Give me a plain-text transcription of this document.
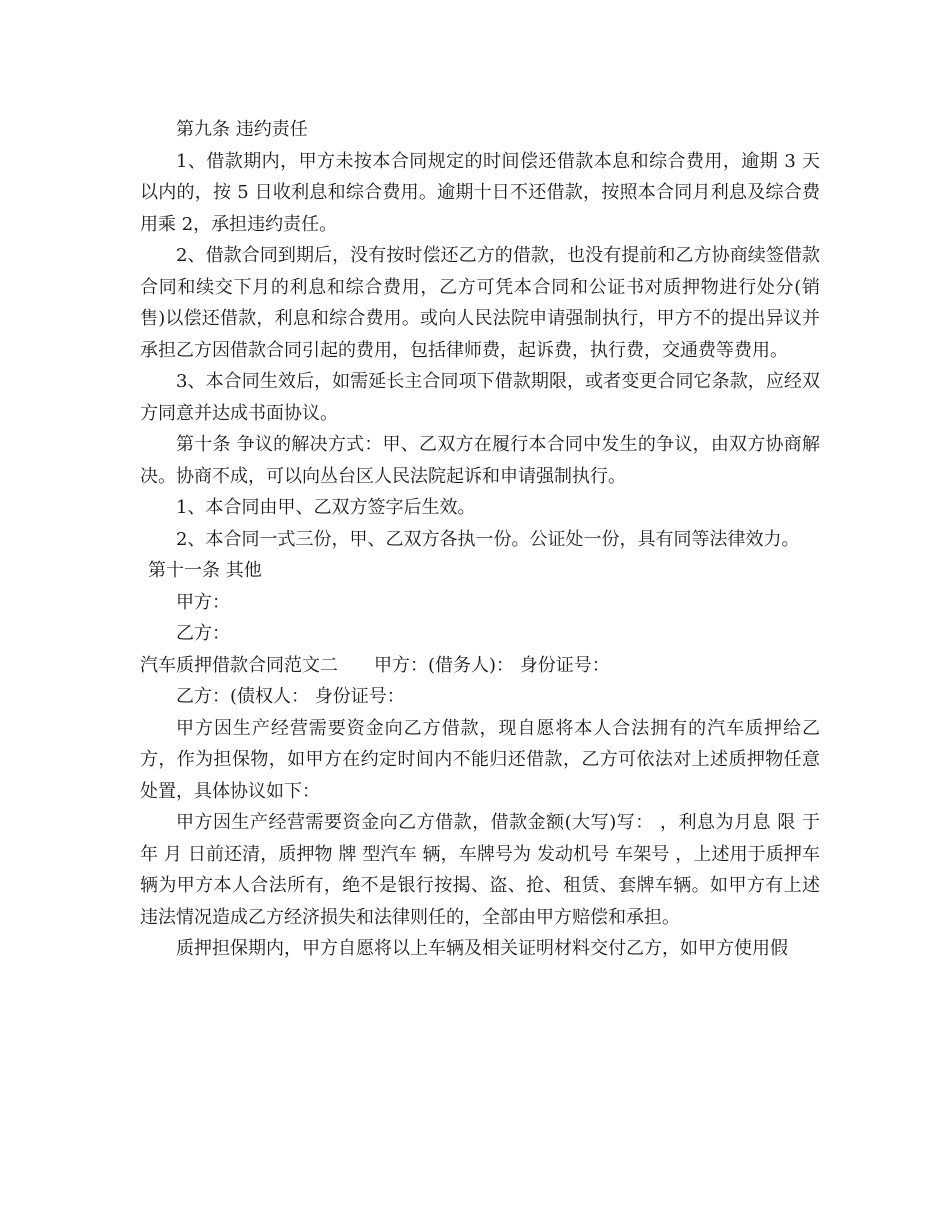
第九条 违约责任

1、借款期内，甲方未按本合同规定的时间偿还借款本息和综合费用，逾期 3 天以内的，按 5 日收利息和综合费用。逾期十日不还借款，按照本合同月利息及综合费用乘 2，承担违约责任。

2、借款合同到期后，没有按时偿还乙方的借款，也没有提前和乙方协商续签借款合同和续交下月的利息和综合费用，乙方可凭本合同和公证书对质押物进行处分(销售)以偿还借款，利息和综合费用。或向人民法院申请强制执行，甲方不的提出异议并承担乙方因借款合同引起的费用，包括律师费，起诉费，执行费，交通费等费用。

3、本合同生效后，如需延长主合同项下借款期限，或者变更合同它条款，应经双方同意并达成书面协议。

第十条 争议的解决方式：甲、乙双方在履行本合同中发生的争议，由双方协商解决。协商不成，可以向丛台区人民法院起诉和申请强制执行。

1、本合同由甲、乙双方签字后生效。

2、本合同一式三份，甲、乙双方各执一份。公证处一份，具有同等法律效力。

第十一条 其他

甲方：

乙方：

汽车质押借款合同范文二 甲方：(借务人)： 身份证号：

乙方：(债权人： 身份证号：

甲方因生产经营需要资金向乙方借款，现自愿将本人合法拥有的汽车质押给乙方，作为担保物，如甲方在约定时间内不能归还借款，乙方可依法对上述质押物任意处置，具体协议如下：

甲方因生产经营需要资金向乙方借款，借款金额(大写)写： ，利息为月息 限 于 年 月 日前还清，质押物 牌 型汽车 辆，车牌号为 发动机号 车架号 ，上述用于质押车辆为甲方本人合法所有，绝不是银行按揭、盗、抢、租赁、套牌车辆。如甲方有上述违法情况造成乙方经济损失和法律则任的，全部由甲方赔偿和承担。

质押担保期内，甲方自愿将以上车辆及相关证明材料交付乙方，如甲方使用假
